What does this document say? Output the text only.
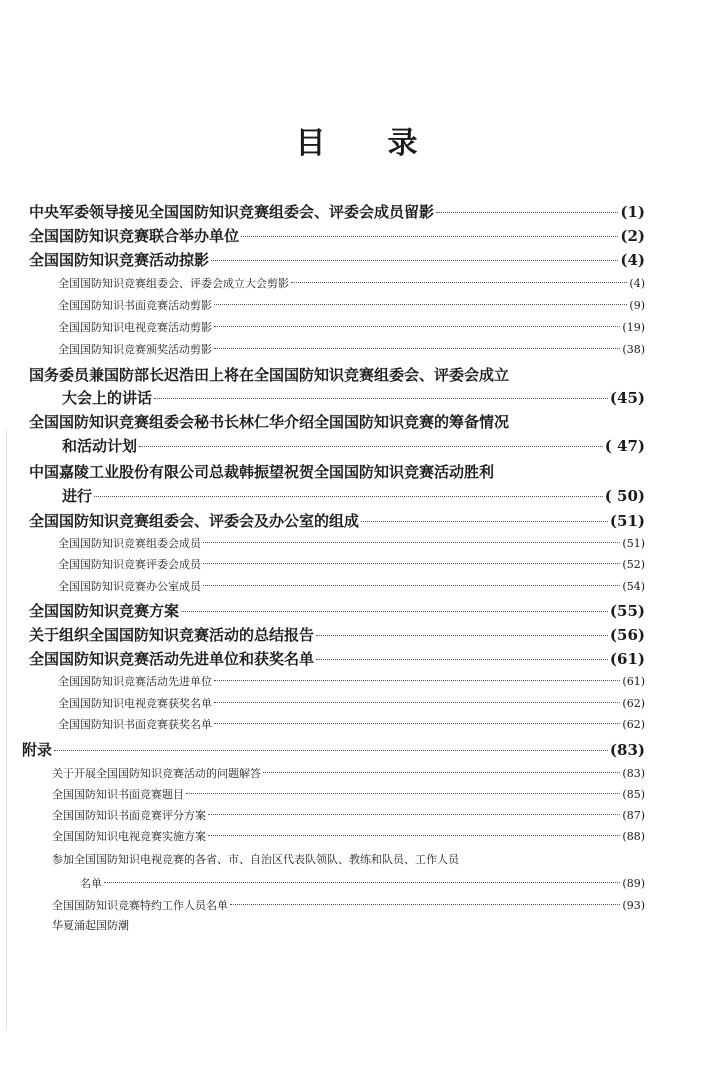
目 录
中央军委领导接见全国国防知识竞赛组委会、评委会成员留影	(1)
全国国防知识竞赛联合举办单位	(2)
全国国防知识竞赛活动掠影	(4)
全国国防知识竞赛组委会、评委会成立大会剪影	(4)
全国国防知识书面竞赛活动剪影	(9)
全国国防知识电视竞赛活动剪影	(19)
全国国防知识竞赛颁奖活动剪影	(38)
国务委员兼国防部长迟浩田上将在全国国防知识竞赛组委会、评委会成立
大会上的讲话	(45)
全国国防知识竞赛组委会秘书长林仁华介绍全国国防知识竞赛的筹备情况
和活动计划	( 47)
中国嘉陵工业股份有限公司总裁韩振望祝贺全国国防知识竞赛活动胜利
进行	( 50)
全国国防知识竞赛组委会、评委会及办公室的组成	(51)
全国国防知识竞赛组委会成员	(51)
全国国防知识竞赛评委会成员	(52)
全国国防知识竞赛办公室成员	(54)
全国国防知识竞赛方案	(55)
关于组织全国国防知识竞赛活动的总结报告	(56)
全国国防知识竞赛活动先进单位和获奖名单	(61)
全国国防知识竞赛活动先进单位	(61)
全国国防知识电视竞赛获奖名单	(62)
全国国防知识书面竞赛获奖名单	(62)
附录	(83)
关于开展全国国防知识竞赛活动的问题解答	(83)
全国国防知识书面竞赛题目	(85)
全国国防知识书面竞赛评分方案	(87)
全国国防知识电视竞赛实施方案	(88)
参加全国国防知识电视竞赛的各省、市、自治区代表队领队、教练和队员、工作人员
名单	(89)
全国国防知识竞赛特约工作人员名单	(93)
华夏涌起国防潮
